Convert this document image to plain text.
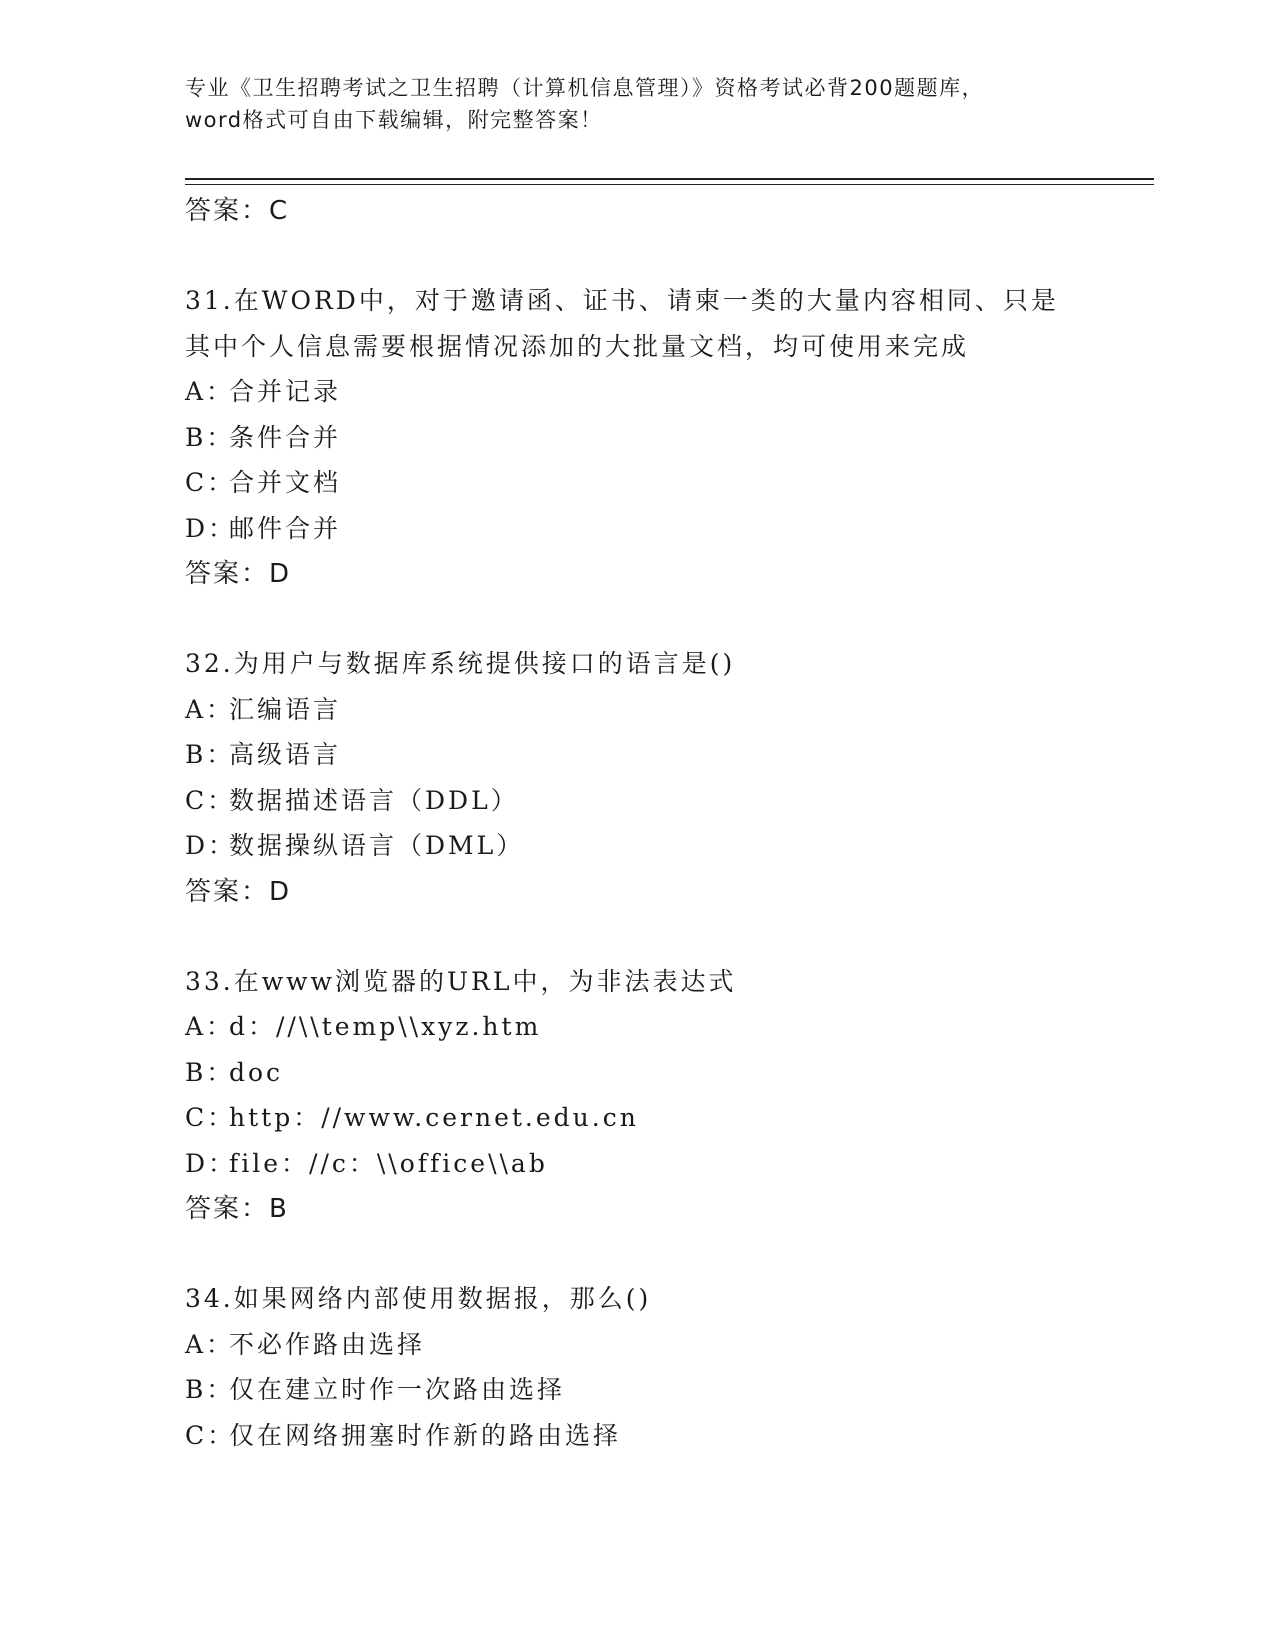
专业《卫生招聘考试之卫生招聘（计算机信息管理）》资格考试必背200题题库，
word格式可自由下载编辑，附完整答案！
答案：C
31.在WORD中，对于邀请函、证书、请柬一类的大量内容相同、只是
其中个人信息需要根据情况添加的大批量文档，均可使用来完成
A：合并记录
B：条件合并
C：合并文档
D：邮件合并
答案：D
32.为用户与数据库系统提供接口的语言是()
A：汇编语言
B：高级语言
C：数据描述语言（DDL）
D：数据操纵语言（DML）
答案：D
33.在www浏览器的URL中，为非法表达式
A：d：//\\temp\\xyz.htm
B：doc
C：http：//www.cernet.edu.cn
D：file：//c：\\office\\ab
答案：B
34.如果网络内部使用数据报，那么()
A：不必作路由选择
B：仅在建立时作一次路由选择
C：仅在网络拥塞时作新的路由选择
